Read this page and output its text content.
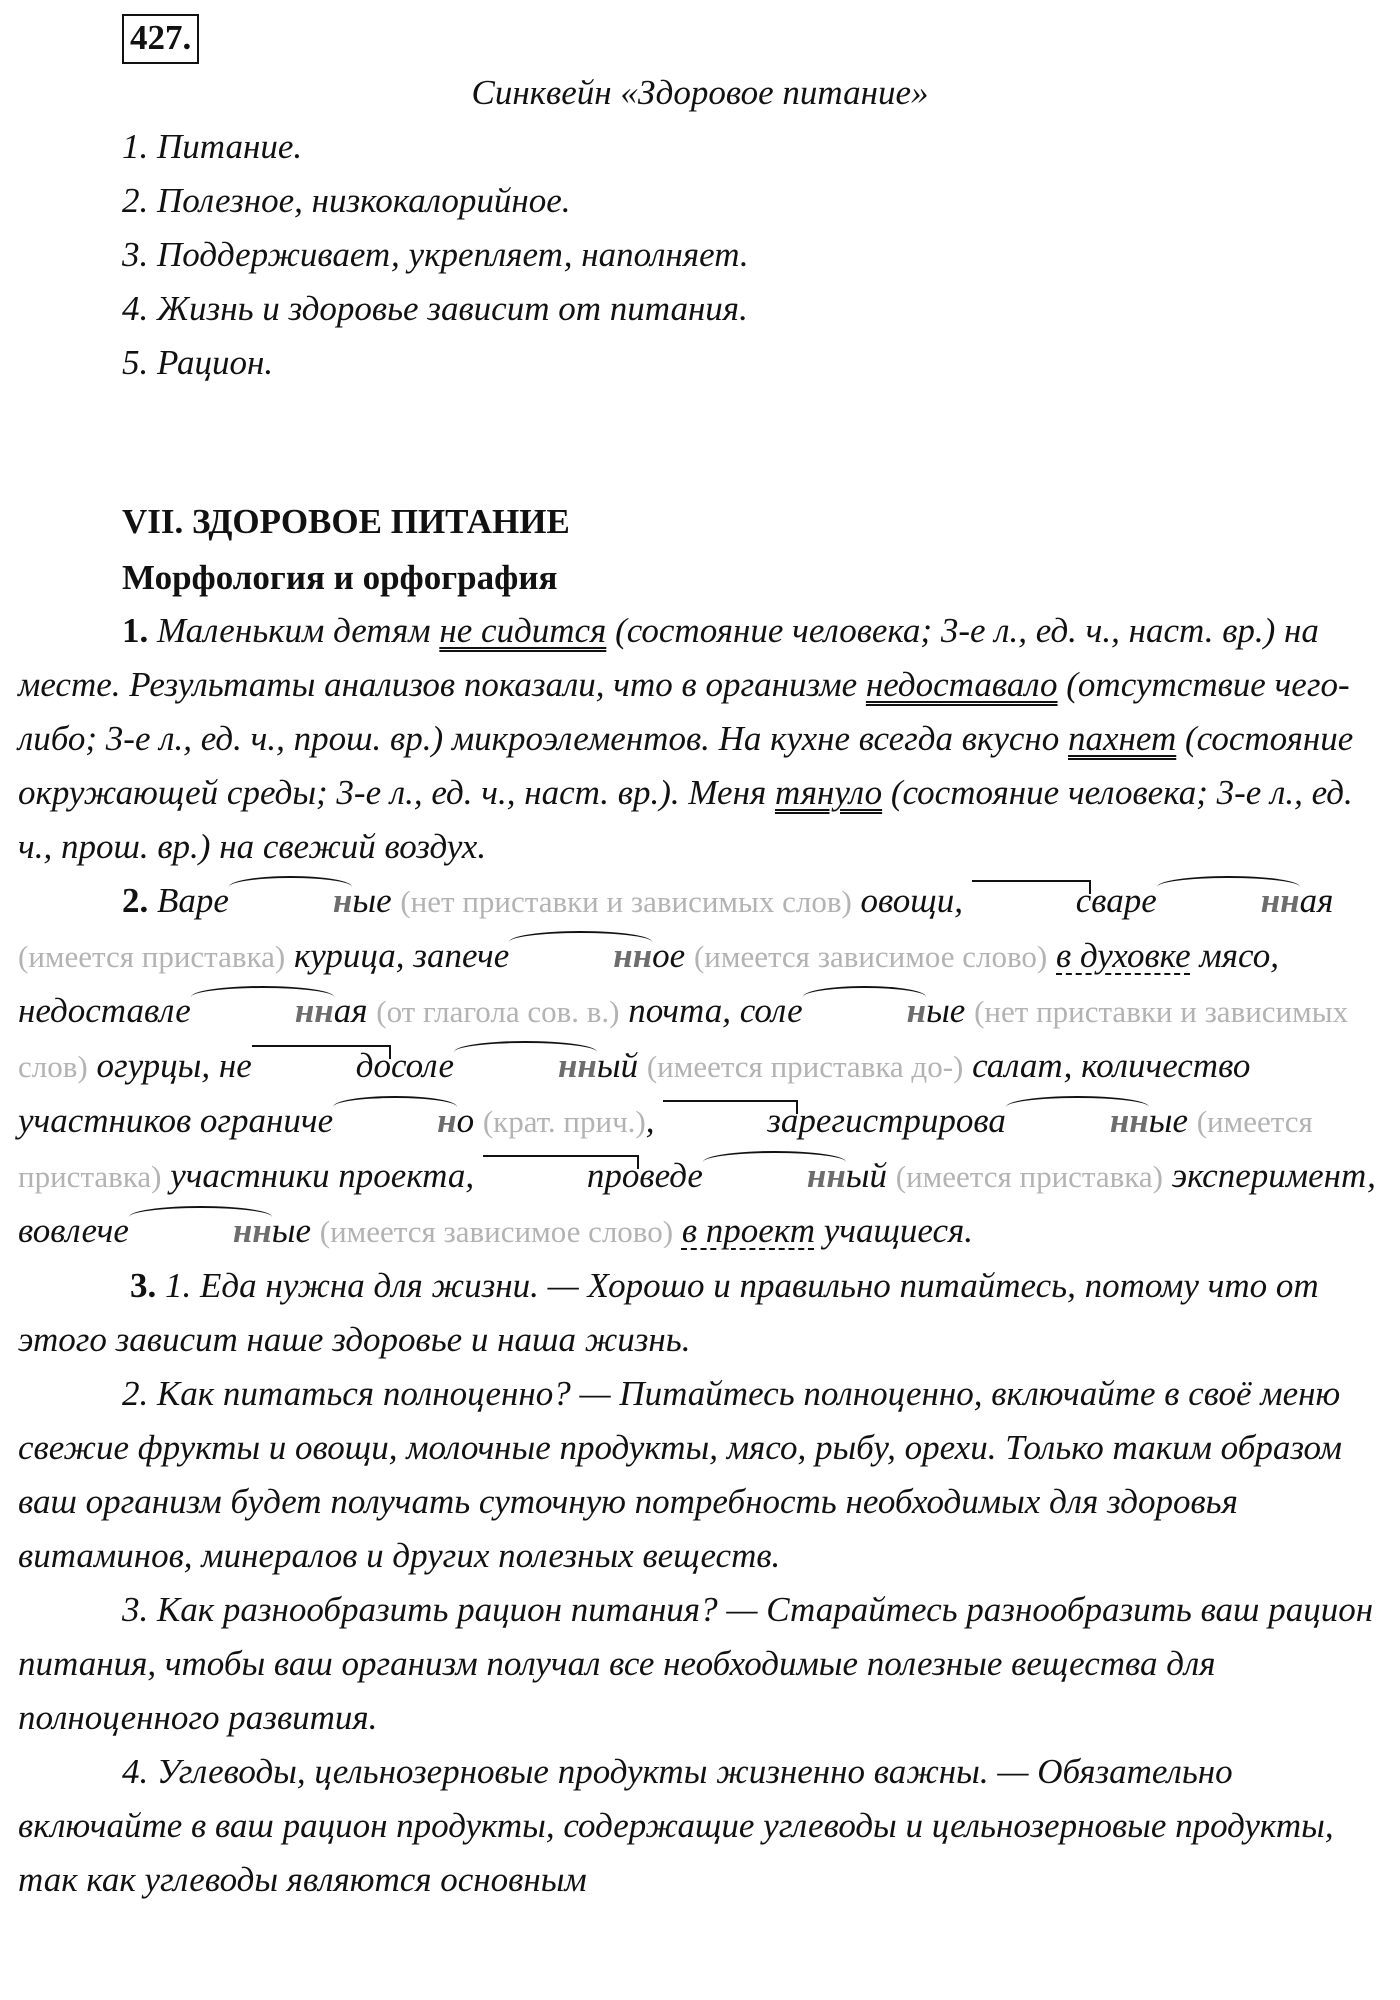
427.
Синквейн «Здоровое питание»
1. Питание.
2. Полезное, низкокалорийное.
3. Поддерживает, укрепляет, наполняет.
4. Жизнь и здоровье зависит от питания.
5. Рацион.
VII. ЗДОРОВОЕ ПИТАНИЕ
Морфология и орфография

1. Маленьким детям не сидится (состояние человека; 3-е л., ед. ч., наст. вр.) на месте. Результаты анализов показали, что в организме недоставало (отсутствие чего-либо; 3-е л., ед. ч., прош. вр.) микроэлементов. На кухне всегда вкусно пахнет (состояние окружающей среды; 3-е л., ед. ч., наст. вр.). Меня тянуло (состояние человека; 3-е л., ед. ч., прош. вр.) на свежий воздух.

2. Варе	ные (нет приставки и зависимых слов) овощи,	сваре	нная (имеется приставка) курица, запече	нное (имеется зависимое слово) в духовке мясо, недоставле	нная (от глагола сов. в.) почта, соле	ные (нет приставки и зависимых слов) огурцы, не	досоле	нный (имеется приставка до-) салат, количество участников ограниче	но (крат. прич.),	зарегистрирова	нные (имеется приставка) участники проекта,	проведе	нный (имеется приставка) эксперимент, вовлече	нные (имеется зависимое слово) в проект учащиеся.

3. 1. Еда нужна для жизни. — Хорошо и правильно питайтесь, потому что от этого зависит наше здоровье и наша жизнь.

2. Как питаться полноценно? — Питайтесь полноценно, включайте в своё меню свежие фрукты и овощи, молочные продукты, мясо, рыбу, орехи. Только таким образом ваш организм будет получать суточную потребность необходимых для здоровья витаминов, минералов и других полезных веществ.

3. Как разнообразить рацион питания? — Старайтесь разнообразить ваш рацион питания, чтобы ваш организм получал все необходимые полезные вещества для полноценного развития.

4. Углеводы, цельнозерновые продукты жизненно важны. — Обязательно включайте в ваш рацион продукты, содержащие углеводы и цельнозерновые продукты, так как углеводы являются основным
